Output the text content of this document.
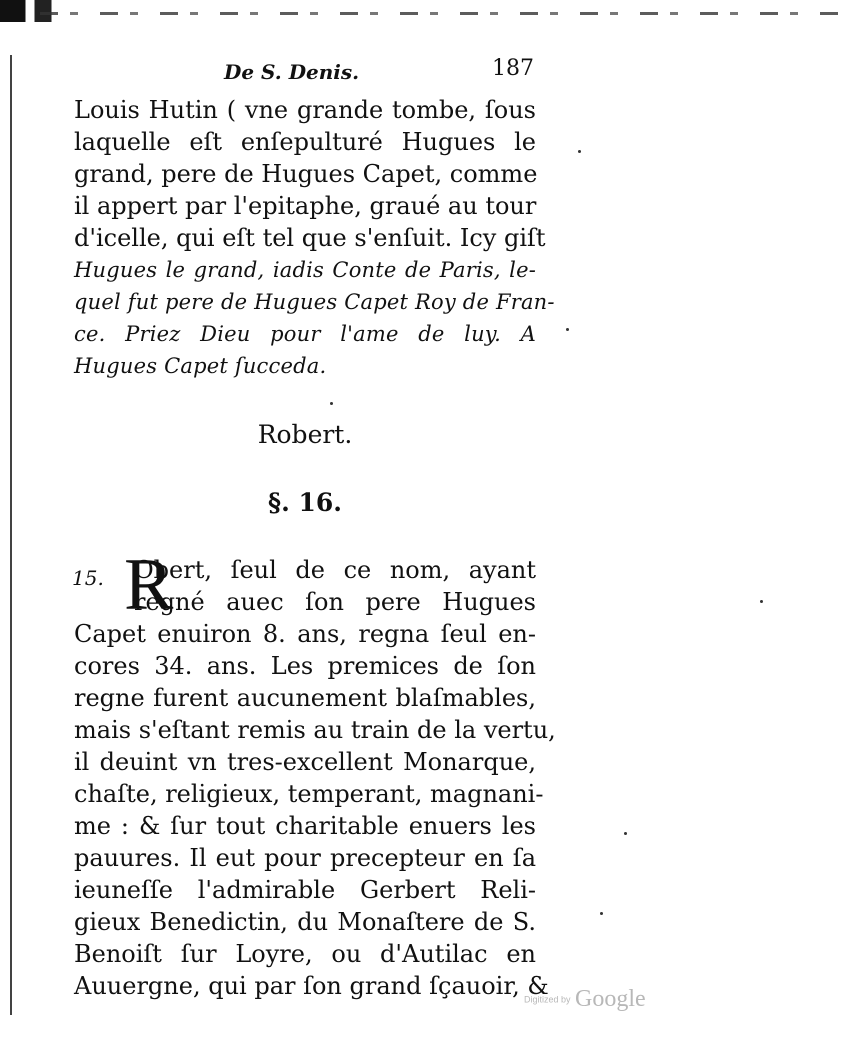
De S. Denis.	187
Louis Hutin ( vne grande tombe, ſous
laquelle eſt enſepulturé Hugues le
grand, pere de Hugues Capet, comme
il appert par l'epitaphe, graué au tour
d'icelle, qui eſt tel que s'enſuit. Icy giſt
Hugues le grand, iadis Conte de Paris, le-
quel fut pere de Hugues Capet Roy de Fran-
ce. Priez Dieu pour l'ame de luy. A
Hugues Capet ſucceda.
Robert.
§. 16.
15. R
Obert, ſeul de ce nom, ayant
regné auec ſon pere Hugues
Capet enuiron 8. ans, regna ſeul en-
cores 34. ans. Les premices de ſon
regne furent aucunement blaſmables,
mais s'eſtant remis au train de la vertu,
il deuint vn tres-excellent Monarque,
chaſte, religieux, temperant, magnani-
me : & ſur tout charitable enuers les
pauures. Il eut pour precepteur en ſa
ieuneſſe l'admirable Gerbert Reli-
gieux Benedictin, du Monaſtere de S.
Benoiſt ſur Loyre, ou d'Autilac en
Auuergne, qui par ſon grand ſçauoir, &
Digitized by Google
